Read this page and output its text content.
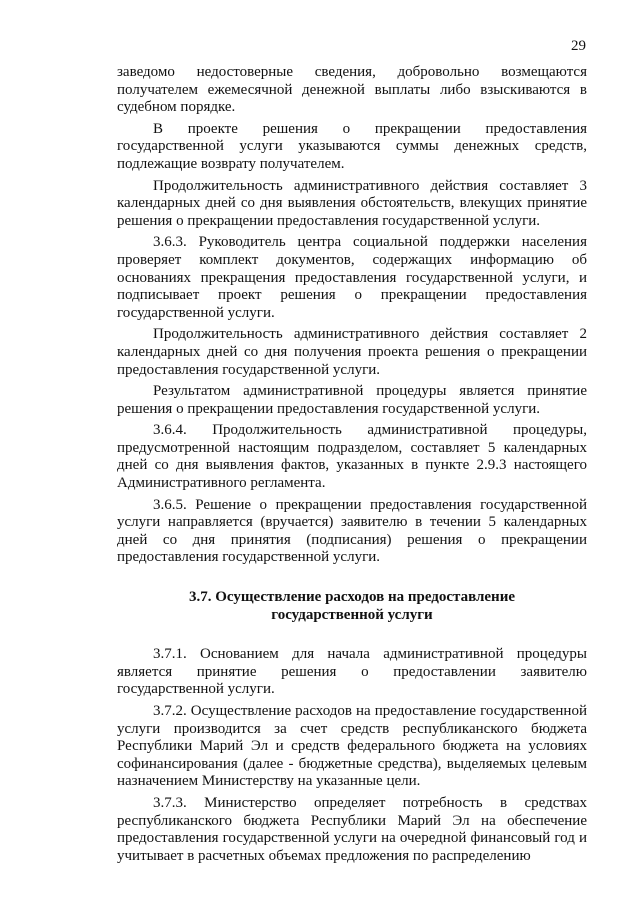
29

заведомо недостоверные сведения, добровольно возмещаются получателем ежемесячной денежной выплаты либо взыскиваются в судебном порядке.

В проекте решения о прекращении предоставления государственной услуги указываются суммы денежных средств, подлежащие возврату получателем.

Продолжительность административного действия составляет 3 календарных дней со дня выявления обстоятельств, влекущих принятие решения о прекращении предоставления государственной услуги.

3.6.3. Руководитель центра социальной поддержки населения проверяет комплект документов, содержащих информацию об основаниях прекращения предоставления государственной услуги, и подписывает проект решения о прекращении предоставления государственной услуги.

Продолжительность административного действия составляет 2 календарных дней со дня получения проекта решения о прекращении предоставления государственной услуги.

Результатом административной процедуры является принятие решения о прекращении предоставления государственной услуги.

3.6.4. Продолжительность административной процедуры, предусмотренной настоящим подразделом, составляет 5 календарных дней со дня выявления фактов, указанных в пункте 2.9.3 настоящего Административного регламента.

3.6.5. Решение о прекращении предоставления государственной услуги направляется (вручается) заявителю в течении 5 календарных дней со дня принятия (подписания) решения о прекращении предоставления государственной услуги.

3.7. Осуществление расходов на предоставление
государственной услуги

3.7.1. Основанием для начала административной процедуры является принятие решения о предоставлении заявителю государственной услуги.

3.7.2. Осуществление расходов на предоставление государственной услуги производится за счет средств республиканского бюджета Республики Марий Эл и средств федерального бюджета на условиях софинансирования (далее - бюджетные средства), выделяемых целевым назначением Министерству на указанные цели.

3.7.3. Министерство определяет потребность в средствах республиканского бюджета Республики Марий Эл на обеспечение предоставления государственной услуги на очередной финансовый год и учитывает в расчетных объемах предложения по распределению
